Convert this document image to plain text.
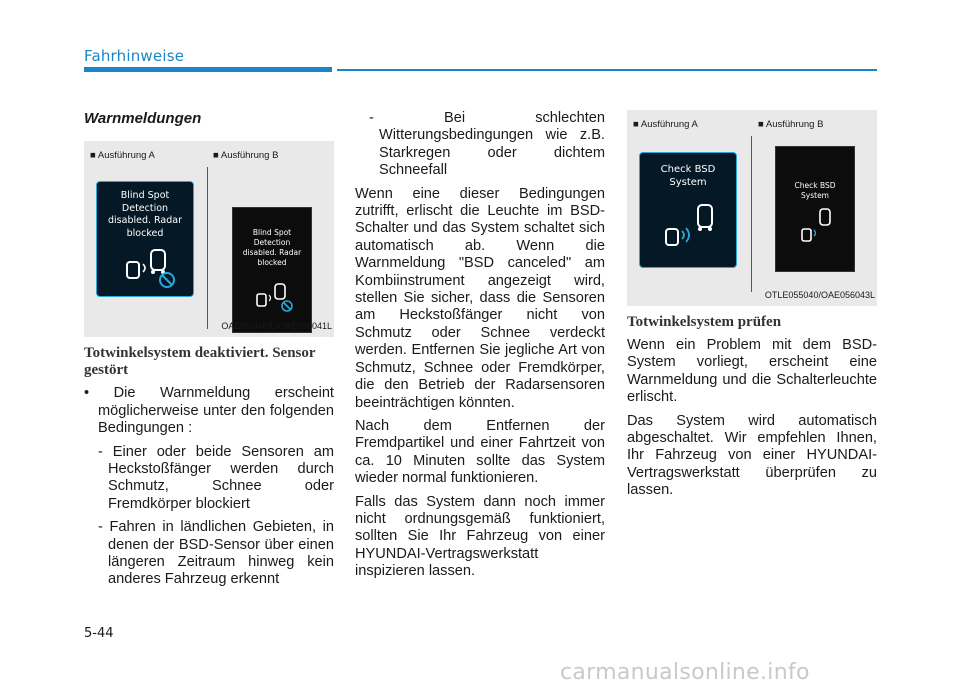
Fahrhinweise
Warnmeldungen
■ Ausführung A	■ Ausführung B
Blind Spot Detection disabled. Radar blocked	Blind Spot Detection disabled. Radar blocked
OAE056040L/OAE056041L
Totwinkelsystem deaktiviert. Sensor gestört

• Die Warnmeldung erscheint möglicherweise unter den folgenden Bedingungen :

- Einer oder beide Sensoren am Heckstoßfänger werden durch Schmutz, Schnee oder Fremdkörper blockiert

- Fahren in ländlichen Gebieten, in denen der BSD-Sensor über einen längeren Zeitraum hinweg kein anderes Fahrzeug erkennt

- Bei schlechten Witterungsbedingungen wie z.B. Starkregen oder dichtem Schneefall

Wenn eine dieser Bedingungen zutrifft, erlischt die Leuchte im BSD-Schalter und das System schaltet sich automatisch ab. Wenn die Warnmeldung "BSD canceled" am Kombiinstrument angezeigt wird, stellen Sie sicher, dass die Sensoren am Heckstoßfänger nicht von Schmutz oder Schnee verdeckt werden. Entfernen Sie jegliche Art von Schmutz, Schnee oder Fremdkörper, die den Betrieb der Radarsensoren beeinträchtigen könnten.

Nach dem Entfernen der Fremdpartikel und einer Fahrtzeit von ca. 10 Minuten sollte das System wieder normal funktionieren.

Falls das System dann noch immer nicht ordnungsgemäß funktioniert, sollten Sie Ihr Fahrzeug von einer HYUNDAI-Vertragswerkstatt inspizieren lassen.

■ Ausführung A	■ Ausführung B
Check BSD System	Check BSD System
OTLE055040/OAE056043L
Totwinkelsystem prüfen

Wenn ein Problem mit dem BSD-System vorliegt, erscheint eine Warnmeldung und die Schalterleuchte erlischt.

Das System wird automatisch abgeschaltet. Wir empfehlen Ihnen, Ihr Fahrzeug von einer HYUNDAI-Vertragswerkstatt überprüfen zu lassen.

5-44
carmanualsonline.info
